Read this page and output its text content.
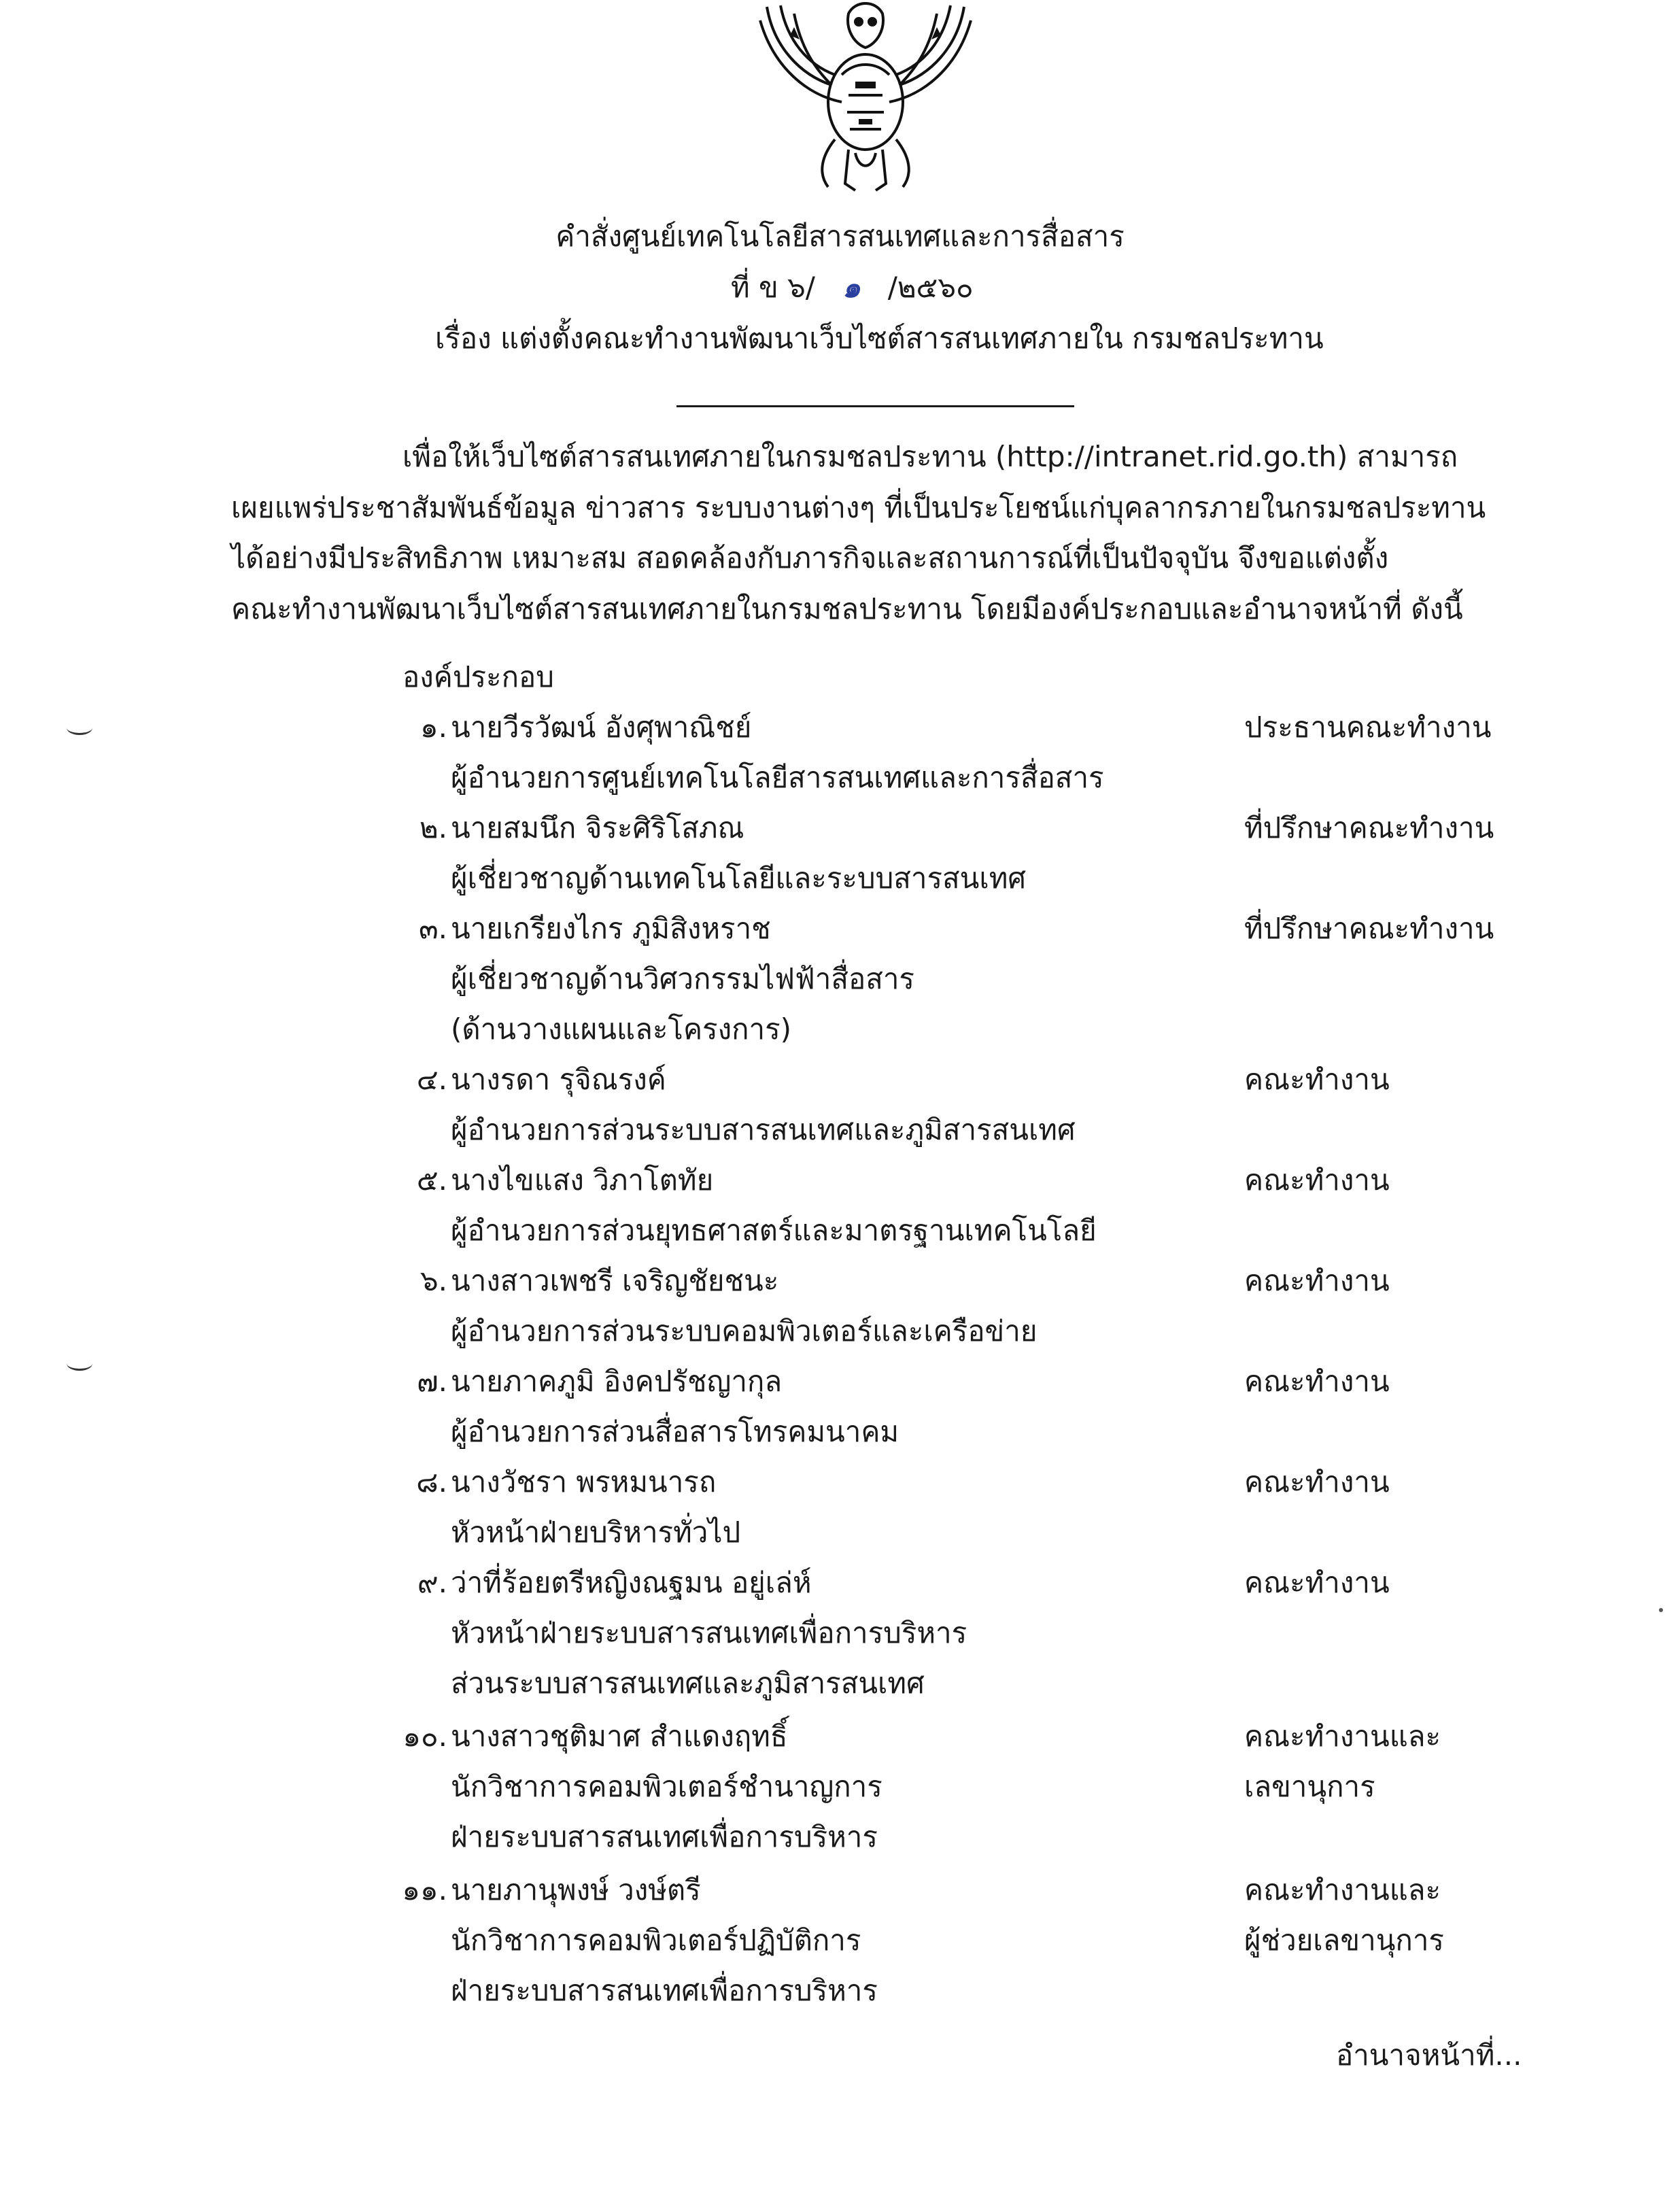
คำสั่งศูนย์เทคโนโลยีสารสนเทศและการสื่อสาร
ที่ ข ๖/ ๑ /๒๕๖๐
เรื่อง แต่งตั้งคณะทำงานพัฒนาเว็บไซต์สารสนเทศภายใน กรมชลประทาน
เพื่อให้เว็บไซต์สารสนเทศภายในกรมชลประทาน (http://intranet.rid.go.th) สามารถ
เผยแพร่ประชาสัมพันธ์ข้อมูล ข่าวสาร ระบบงานต่างๆ ที่เป็นประโยชน์แก่บุคลากรภายในกรมชลประทาน
ได้อย่างมีประสิทธิภาพ เหมาะสม สอดคล้องกับภารกิจและสถานการณ์ที่เป็นปัจจุบัน จึงขอแต่งตั้ง
คณะทำงานพัฒนาเว็บไซต์สารสนเทศภายในกรมชลประทาน โดยมีองค์ประกอบและอำนาจหน้าที่ ดังนี้
องค์ประกอบ
๑. นายวีรวัฒน์ อังศุพาณิชย์
ผู้อำนวยการศูนย์เทคโนโลยีสารสนเทศและการสื่อสาร
ประธานคณะทำงาน
๒. นายสมนึก จิระศิริโสภณ
ผู้เชี่ยวชาญด้านเทคโนโลยีและระบบสารสนเทศ
ที่ปรึกษาคณะทำงาน
๓. นายเกรียงไกร ภูมิสิงหราช
ผู้เชี่ยวชาญด้านวิศวกรรมไฟฟ้าสื่อสาร
(ด้านวางแผนและโครงการ)
ที่ปรึกษาคณะทำงาน
๔. นางรดา รุจิณรงค์
ผู้อำนวยการส่วนระบบสารสนเทศและภูมิสารสนเทศ
คณะทำงาน
๕. นางไขแสง วิภาโตทัย
ผู้อำนวยการส่วนยุทธศาสตร์และมาตรฐานเทคโนโลยี
คณะทำงาน
๖. นางสาวเพชรี เจริญชัยชนะ
ผู้อำนวยการส่วนระบบคอมพิวเตอร์และเครือข่าย
คณะทำงาน
๗. นายภาคภูมิ อิงคปรัชญากุล
ผู้อำนวยการส่วนสื่อสารโทรคมนาคม
คณะทำงาน
๘. นางวัชรา พรหมนารถ
หัวหน้าฝ่ายบริหารทั่วไป
คณะทำงาน
๙. ว่าที่ร้อยตรีหญิงณฐมน อยู่เล่ห์
หัวหน้าฝ่ายระบบสารสนเทศเพื่อการบริหาร
ส่วนระบบสารสนเทศและภูมิสารสนเทศ
คณะทำงาน
๑๐. นางสาวชุติมาศ สำแดงฤทธิ์
นักวิชาการคอมพิวเตอร์ชำนาญการ
ฝ่ายระบบสารสนเทศเพื่อการบริหาร
คณะทำงานและ
เลขานุการ
๑๑. นายภานุพงษ์ วงษ์ตรี
นักวิชาการคอมพิวเตอร์ปฏิบัติการ
ฝ่ายระบบสารสนเทศเพื่อการบริหาร
คณะทำงานและ
ผู้ช่วยเลขานุการ
อำนาจหน้าที่...
